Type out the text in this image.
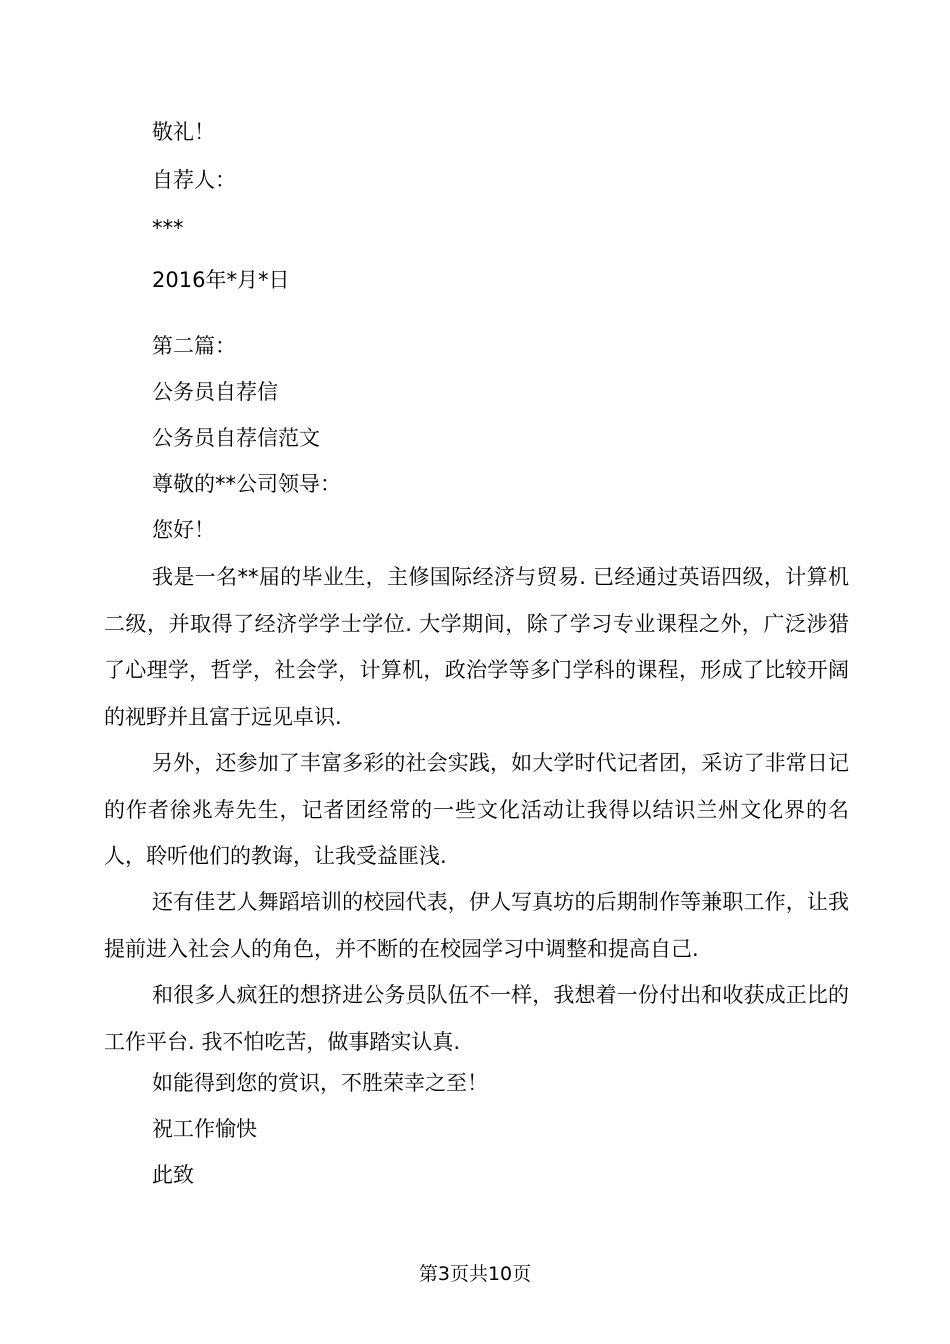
敬礼！
自荐人：
***
2016年*月*日
第二篇：
公务员自荐信
公务员自荐信范文
尊敬的**公司领导：
您好！
我是一名**届的毕业生，主修国际经济与贸易. 已经通过英语四级，计算机二级，并取得了经济学学士学位. 大学期间，除了学习专业课程之外，广泛涉猎了心理学，哲学，社会学，计算机，政治学等多门学科的课程，形成了比较开阔的视野并且富于远见卓识.
另外，还参加了丰富多彩的社会实践，如大学时代记者团，采访了非常日记的作者徐兆寿先生，记者团经常的一些文化活动让我得以结识兰州文化界的名人，聆听他们的教诲，让我受益匪浅.
还有佳艺人舞蹈培训的校园代表，伊人写真坊的后期制作等兼职工作，让我提前进入社会人的角色，并不断的在校园学习中调整和提高自己.
和很多人疯狂的想挤进公务员队伍不一样，我想着一份付出和收获成正比的工作平台. 我不怕吃苦，做事踏实认真.
如能得到您的赏识，不胜荣幸之至！
祝工作愉快
此致
第3页共10页
